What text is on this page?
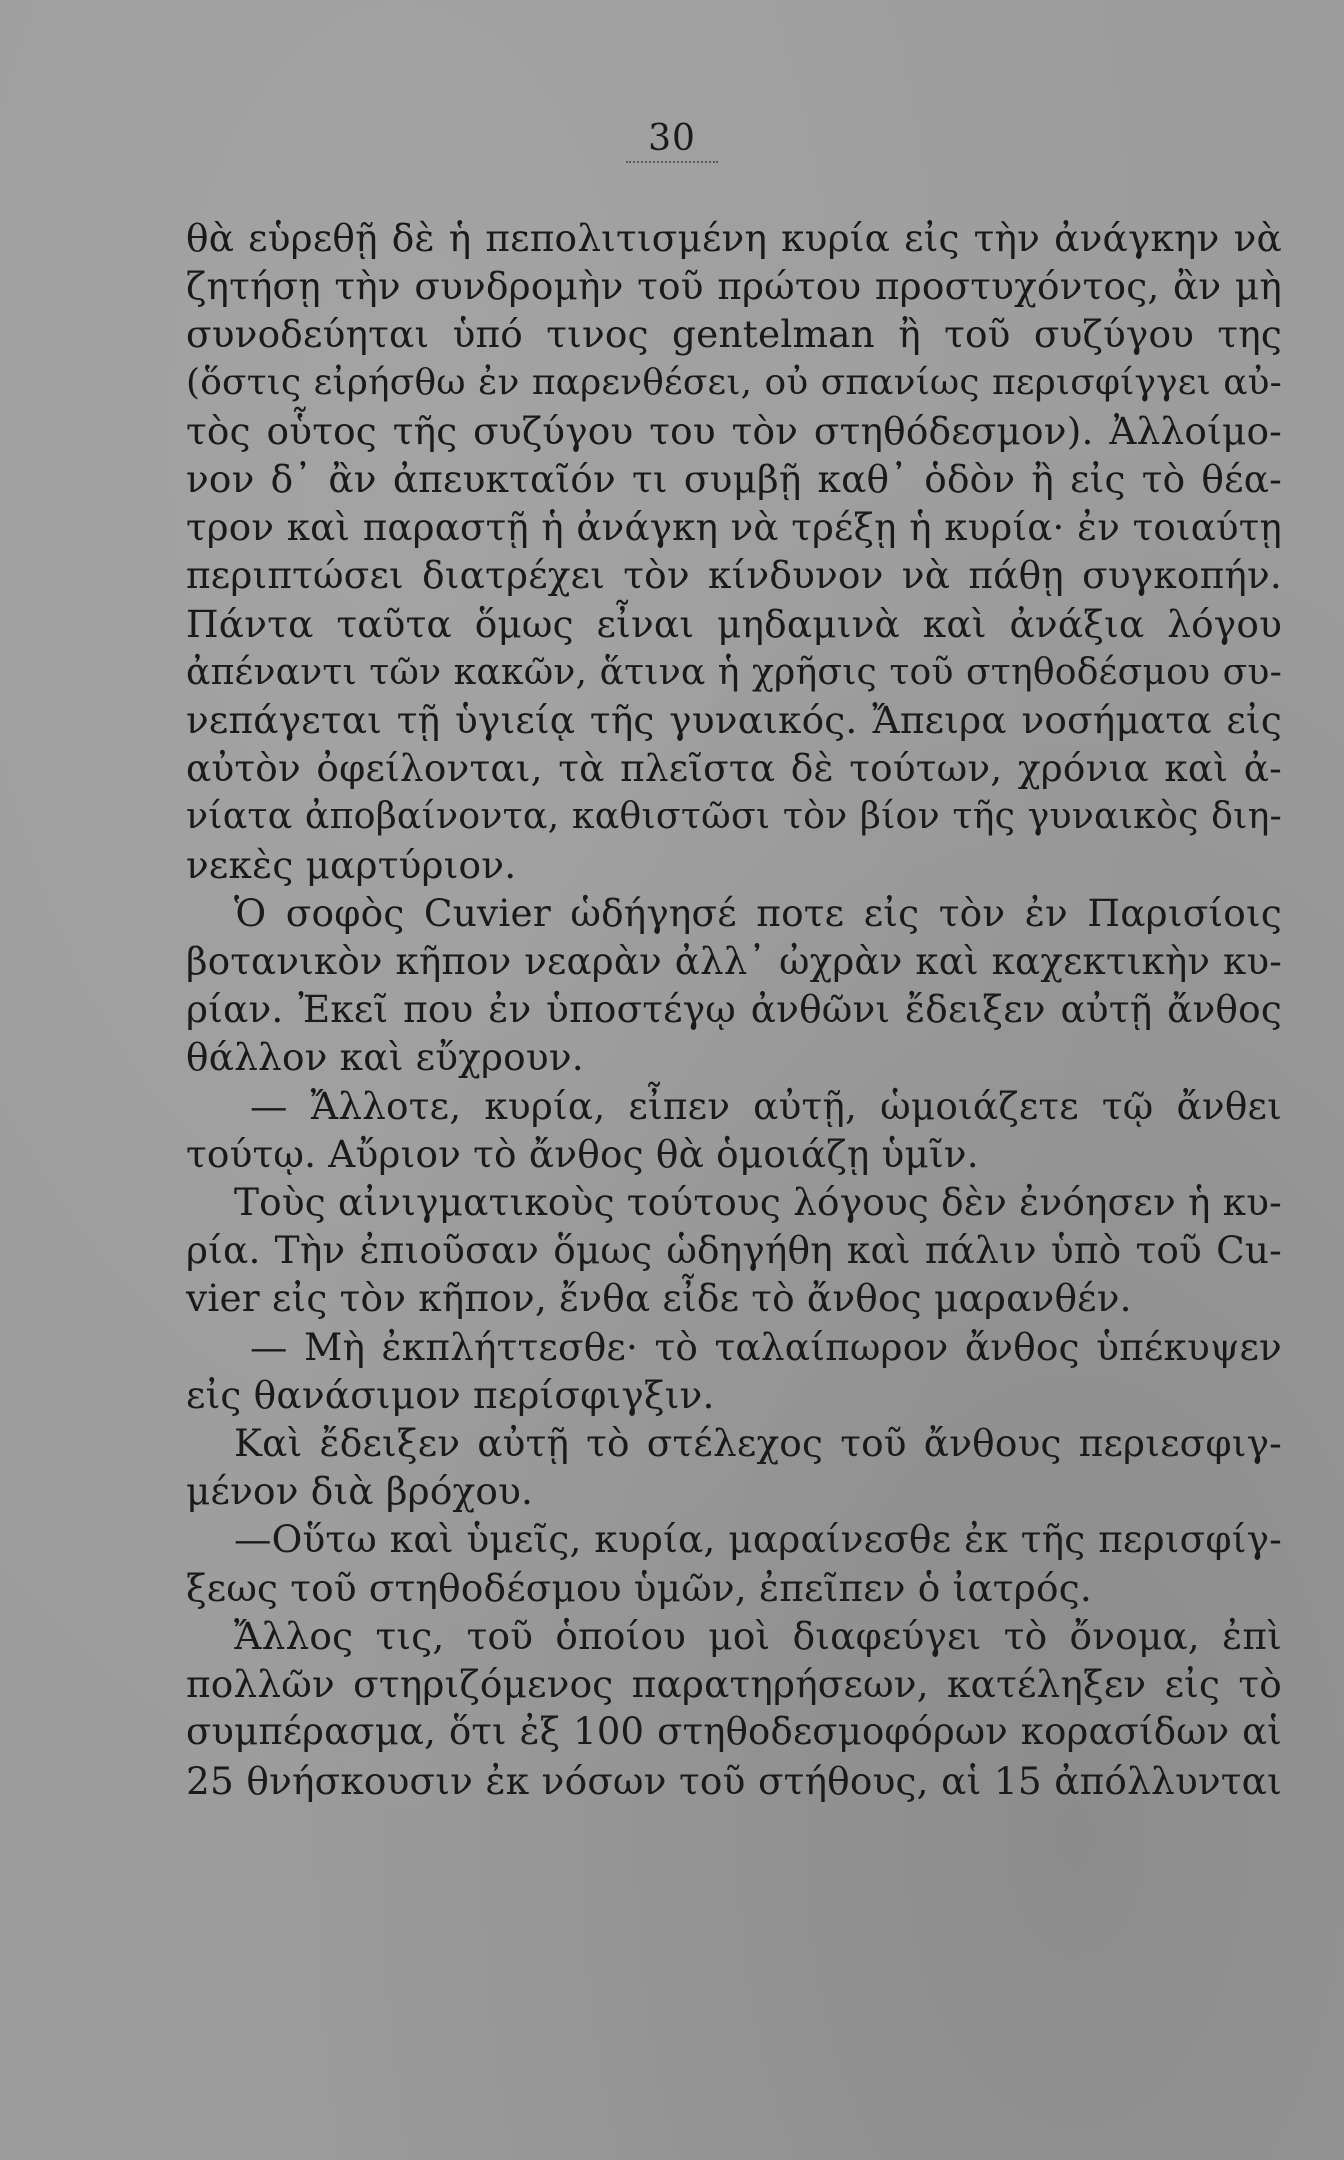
30
θὰ εὑρεθῇ δὲ ἡ πεπολιτισμένη κυρία εἰς τὴν ἀνάγκην νὰ
ζητήσῃ τὴν συνδρομὴν τοῦ πρώτου προστυχόντος, ἂν μὴ
συνοδεύηται ὑπό τινος gentelman ἢ τοῦ συζύγου της
(ὅστις εἰρήσθω ἐν παρενθέσει, οὐ σπανίως περισφίγγει αὐ-
τὸς οὗτος τῆς συζύγου του τὸν στηθόδεσμον). Ἀλλοίμο-
νον δ᾽ ἂν ἀπευκταῖόν τι συμβῇ καθ᾽ ὁδὸν ἢ εἰς τὸ θέα-
τρον καὶ παραστῇ ἡ ἀνάγκη νὰ τρέξῃ ἡ κυρία· ἐν τοιαύτῃ
περιπτώσει διατρέχει τὸν κίνδυνον νὰ πάθῃ συγκοπήν.
Πάντα ταῦτα ὅμως εἶναι μηδαμινὰ καὶ ἀνάξια λόγου
ἀπέναντι τῶν κακῶν, ἅτινα ἡ χρῆσις τοῦ στηθοδέσμου συ-
νεπάγεται τῇ ὑγιείᾳ τῆς γυναικός. Ἄπειρα νοσήματα εἰς
αὐτὸν ὀφείλονται, τὰ πλεῖστα δὲ τούτων, χρόνια καὶ ἀ-
νίατα ἀποβαίνοντα, καθιστῶσι τὸν βίον τῆς γυναικὸς διη-
νεκὲς μαρτύριον.
Ὁ σοφὸς Cuvier ὡδήγησέ ποτε εἰς τὸν ἐν Παρισίοις
βοτανικὸν κῆπον νεαρὰν ἀλλ᾽ ὠχρὰν καὶ καχεκτικὴν κυ-
ρίαν. Ἐκεῖ που ἐν ὑποστέγῳ ἀνθῶνι ἔδειξεν αὐτῇ ἄνθος
θάλλον καὶ εὔχρουν.
— Ἄλλοτε, κυρία, εἶπεν αὐτῇ, ὡμοιάζετε τῷ ἄνθει
τούτῳ. Αὔριον τὸ ἄνθος θὰ ὁμοιάζῃ ὑμῖν.
Τοὺς αἰνιγματικοὺς τούτους λόγους δὲν ἐνόησεν ἡ κυ-
ρία. Τὴν ἐπιοῦσαν ὅμως ὡδηγήθη καὶ πάλιν ὑπὸ τοῦ Cu-
vier εἰς τὸν κῆπον, ἔνθα εἶδε τὸ ἄνθος μαρανθέν.
— Μὴ ἐκπλήττεσθε· τὸ ταλαίπωρον ἄνθος ὑπέκυψεν
εἰς θανάσιμον περίσφιγξιν.
Καὶ ἔδειξεν αὐτῇ τὸ στέλεχος τοῦ ἄνθους περιεσφιγ-
μένον διὰ βρόχου.
—Οὕτω καὶ ὑμεῖς, κυρία, μαραίνεσθε ἐκ τῆς περισφίγ-
ξεως τοῦ στηθοδέσμου ὑμῶν, ἐπεῖπεν ὁ ἰατρός.
Ἄλλος τις, τοῦ ὁποίου μοὶ διαφεύγει τὸ ὄνομα, ἐπὶ
πολλῶν στηριζόμενος παρατηρήσεων, κατέληξεν εἰς τὸ
συμπέρασμα, ὅτι ἐξ 100 στηθοδεσμοφόρων κορασίδων αἱ
25 θνήσκουσιν ἐκ νόσων τοῦ στήθους, αἱ 15 ἀπόλλυνται
